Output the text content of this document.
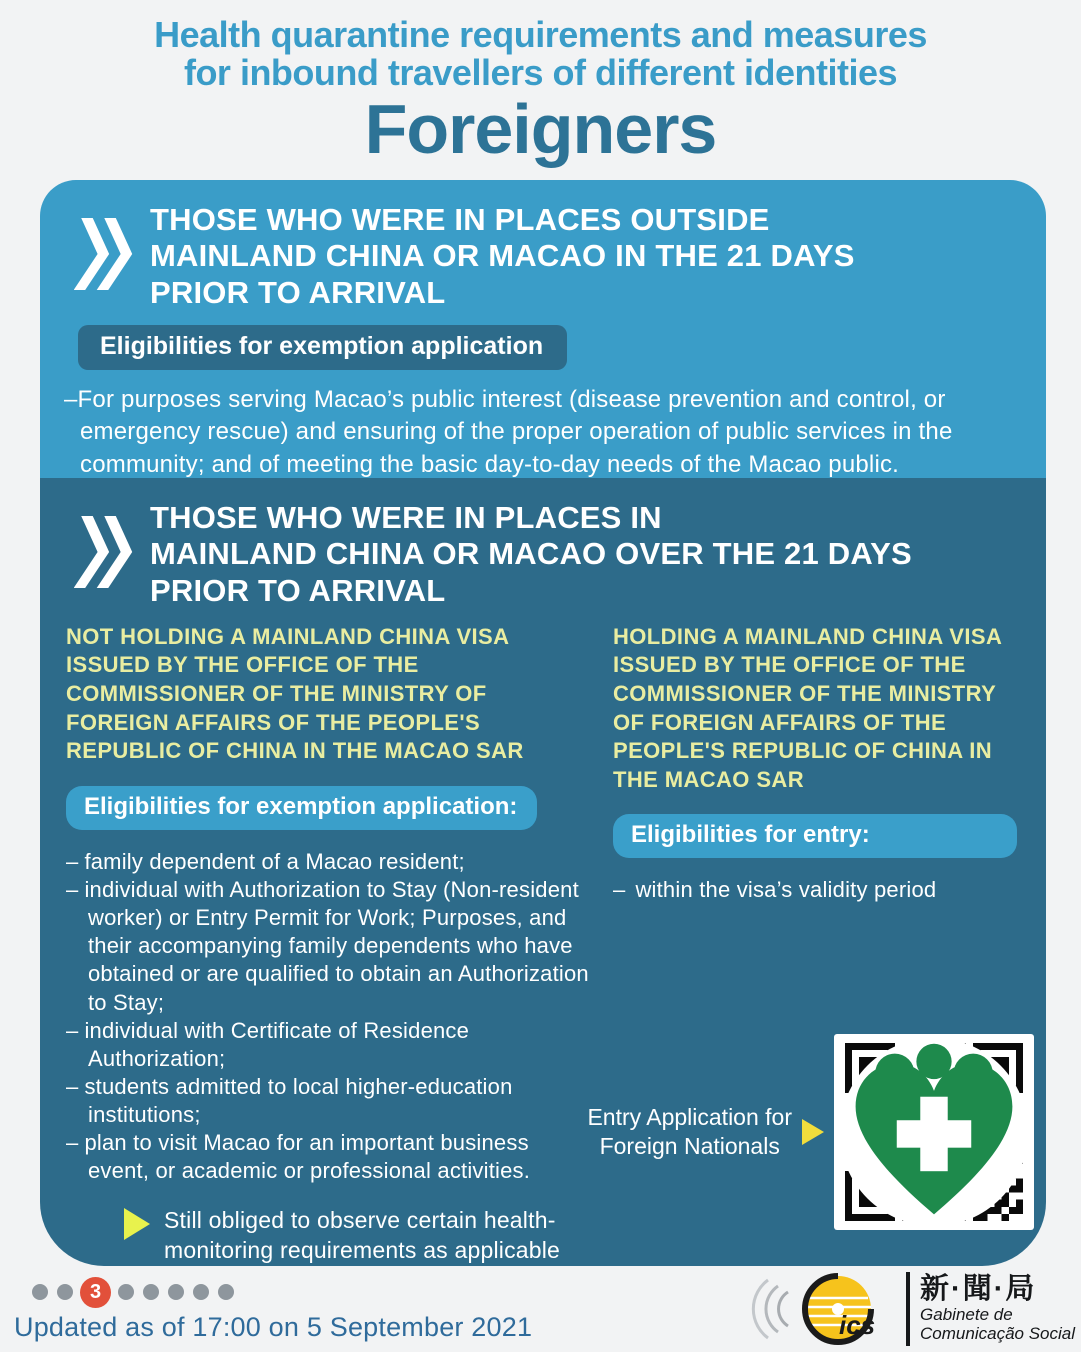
Health quarantine requirements and measures
for inbound travellers of different identities
Foreigners
THOSE WHO WERE IN PLACES OUTSIDE
MAINLAND CHINA OR MACAO IN THE 21 DAYS
PRIOR TO ARRIVAL
Eligibilities for exemption application
–For purposes serving Macao’s public interest (disease prevention and control, or emergency rescue) and ensuring of the proper operation of public services in the community; and of meeting the basic day-to-day needs of the Macao public.
THOSE WHO WERE IN PLACES IN
MAINLAND CHINA OR MACAO OVER THE 21 DAYS
PRIOR TO ARRIVAL
NOT HOLDING A MAINLAND CHINA VISA ISSUED BY THE OFFICE OF THE COMMISSIONER OF THE MINISTRY OF FOREIGN AFFAIRS OF THE PEOPLE'S REPUBLIC OF CHINA IN THE MACAO SAR
Eligibilities for exemption application:
– family dependent of a Macao resident;
– individual with Authorization to Stay (Non-resident worker) or Entry Permit for Work; Purposes, and their accompanying family dependents who have obtained or are qualified to obtain an Authorization to Stay;
– individual with Certificate of Residence Authorization;
– students admitted to local higher-education institutions;
– plan to visit Macao for an important business event, or academic or professional activities.
HOLDING A MAINLAND CHINA VISA ISSUED BY THE OFFICE OF THE COMMISSIONER OF THE MINISTRY OF FOREIGN AFFAIRS OF THE PEOPLE'S REPUBLIC OF CHINA IN THE MACAO SAR
Eligibilities for entry:
– within the visa’s validity period
Entry Application for
Foreign Nationals
Still obliged to observe certain health-monitoring requirements as applicable
3
Updated as of 17:00 on 5 September 2021	ics
新·聞·局
Gabinete de
Comunicação Social
